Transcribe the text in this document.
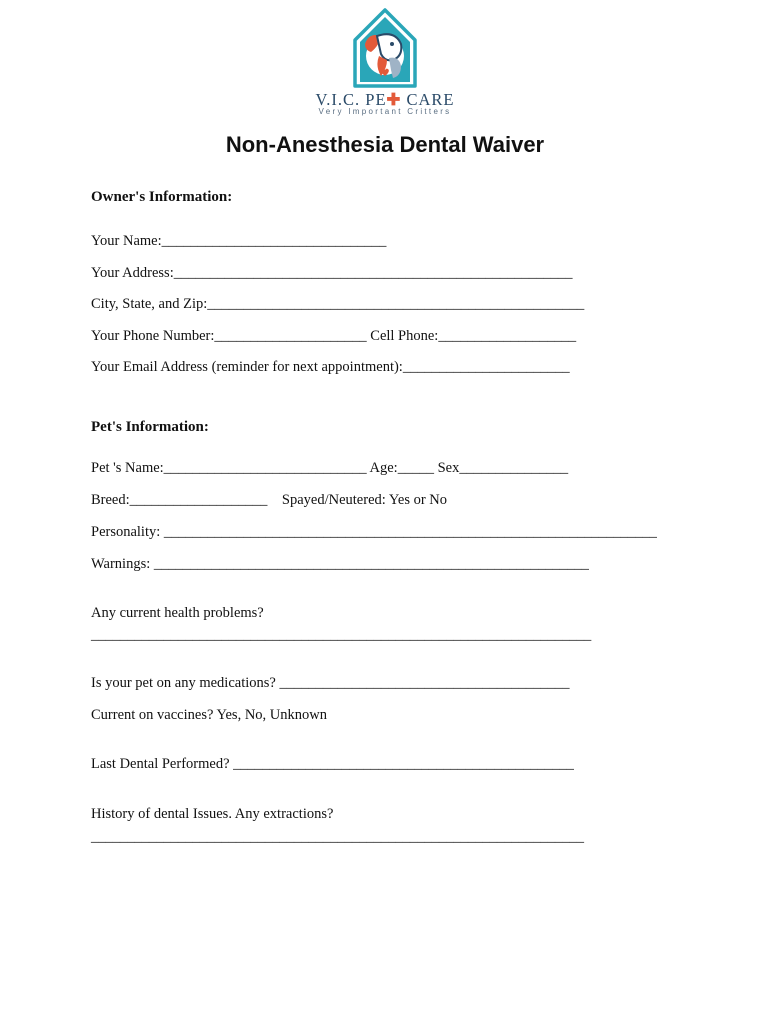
V.I.C. PE✚ CARE
Very Important Critters
Non-Anesthesia Dental Waiver
Owner's Information:
Your Name:_______________________________
Your Address:_______________________________________________________
City, State, and Zip:____________________________________________________
Your Phone Number:_____________________ Cell Phone:___________________
Your Email Address (reminder for next appointment):_______________________
Pet's Information:
Pet 's Name:____________________________ Age:_____ Sex_______________
Breed:___________________    Spayed/Neutered: Yes or No
Personality: ____________________________________________________________________
Warnings: ____________________________________________________________
Any current health problems?
_____________________________________________________________________
Is your pet on any medications? ________________________________________
Current on vaccines? Yes, No, Unknown
Last Dental Performed? _______________________________________________
History of dental Issues. Any extractions?
____________________________________________________________________
